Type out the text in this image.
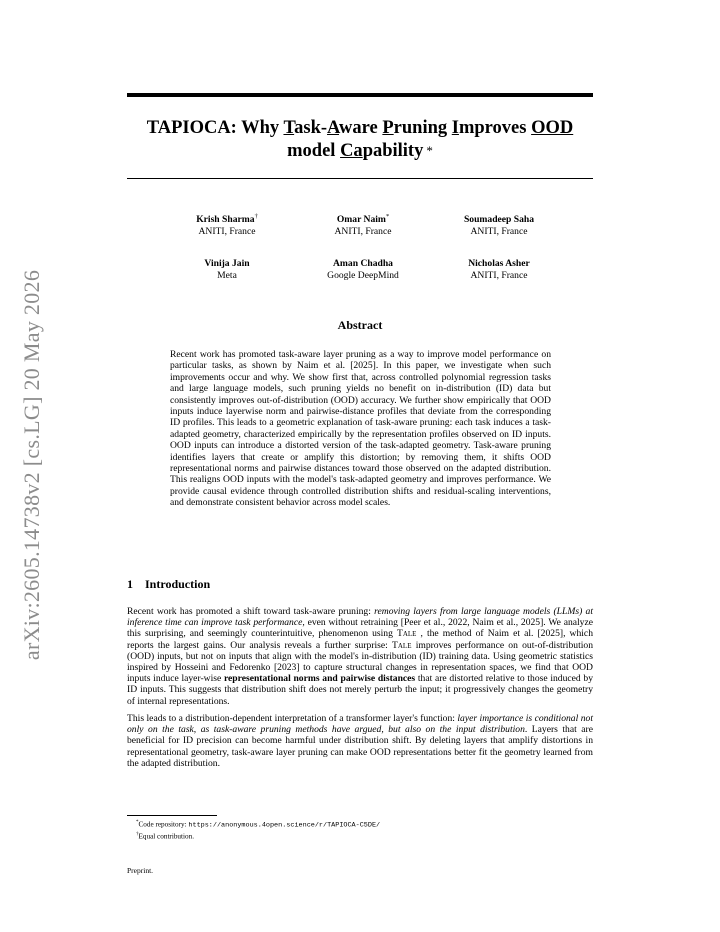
arXiv:2605.14738v2 [cs.LG] 20 May 2026
TAPIOCA: Why Task-Aware Pruning Improves OOD
model Capability *
Krish Sharma†
ANITI, France
Omar Naim*
ANITI, France
Soumadeep Saha
ANITI, France
Vinija Jain
Meta
Aman Chadha
Google DeepMind
Nicholas Asher
ANITI, France
Abstract
Recent work has promoted task-aware layer pruning as a way to improve model performance on particular tasks, as shown by Naim et al. [2025]. In this paper, we investigate when such improvements occur and why. We show first that, across controlled polynomial regression tasks and large language models, such pruning yields no benefit on in-distribution (ID) data but consistently improves out-of-distribution (OOD) accuracy. We further show empirically that OOD inputs induce layerwise norm and pairwise-distance profiles that deviate from the corresponding ID profiles. This leads to a geometric explanation of task-aware pruning: each task induces a task-adapted geometry, characterized empirically by the representation profiles observed on ID inputs. OOD inputs can introduce a distorted version of the task-adapted geometry. Task-aware pruning identifies layers that create or amplify this distortion; by removing them, it shifts OOD representational norms and pairwise distances toward those observed on the adapted distribution. This realigns OOD inputs with the model's task-adapted geometry and improves performance. We provide causal evidence through controlled distribution shifts and residual-scaling interventions, and demonstrate consistent behavior across model scales.
1 Introduction
Recent work has promoted a shift toward task-aware pruning: removing layers from large language models (LLMs) at inference time can improve task performance, even without retraining [Peer et al., 2022, Naim et al., 2025]. We analyze this surprising, and seemingly counterintuitive, phenomenon using Tale , the method of Naim et al. [2025], which reports the largest gains. Our analysis reveals a further surprise: Tale improves performance on out-of-distribution (OOD) inputs, but not on inputs that align with the model's in-distribution (ID) training data. Using geometric statistics inspired by Hosseini and Fedorenko [2023] to capture structural changes in representation spaces, we find that OOD inputs induce layer-wise representational norms and pairwise distances that are distorted relative to those induced by ID inputs. This suggests that distribution shift does not merely perturb the input; it progressively changes the geometry of internal representations.
This leads to a distribution-dependent interpretation of a transformer layer's function: layer importance is conditional not only on the task, as task-aware pruning methods have argued, but also on the input distribution. Layers that are beneficial for ID precision can become harmful under distribution shift. By deleting layers that amplify distortions in representational geometry, task-aware layer pruning can make OOD representations better fit the geometry learned from the adapted distribution.
*Code repository: https://anonymous.4open.science/r/TAPIOCA-C5DE/
†Equal contribution.
Preprint.
